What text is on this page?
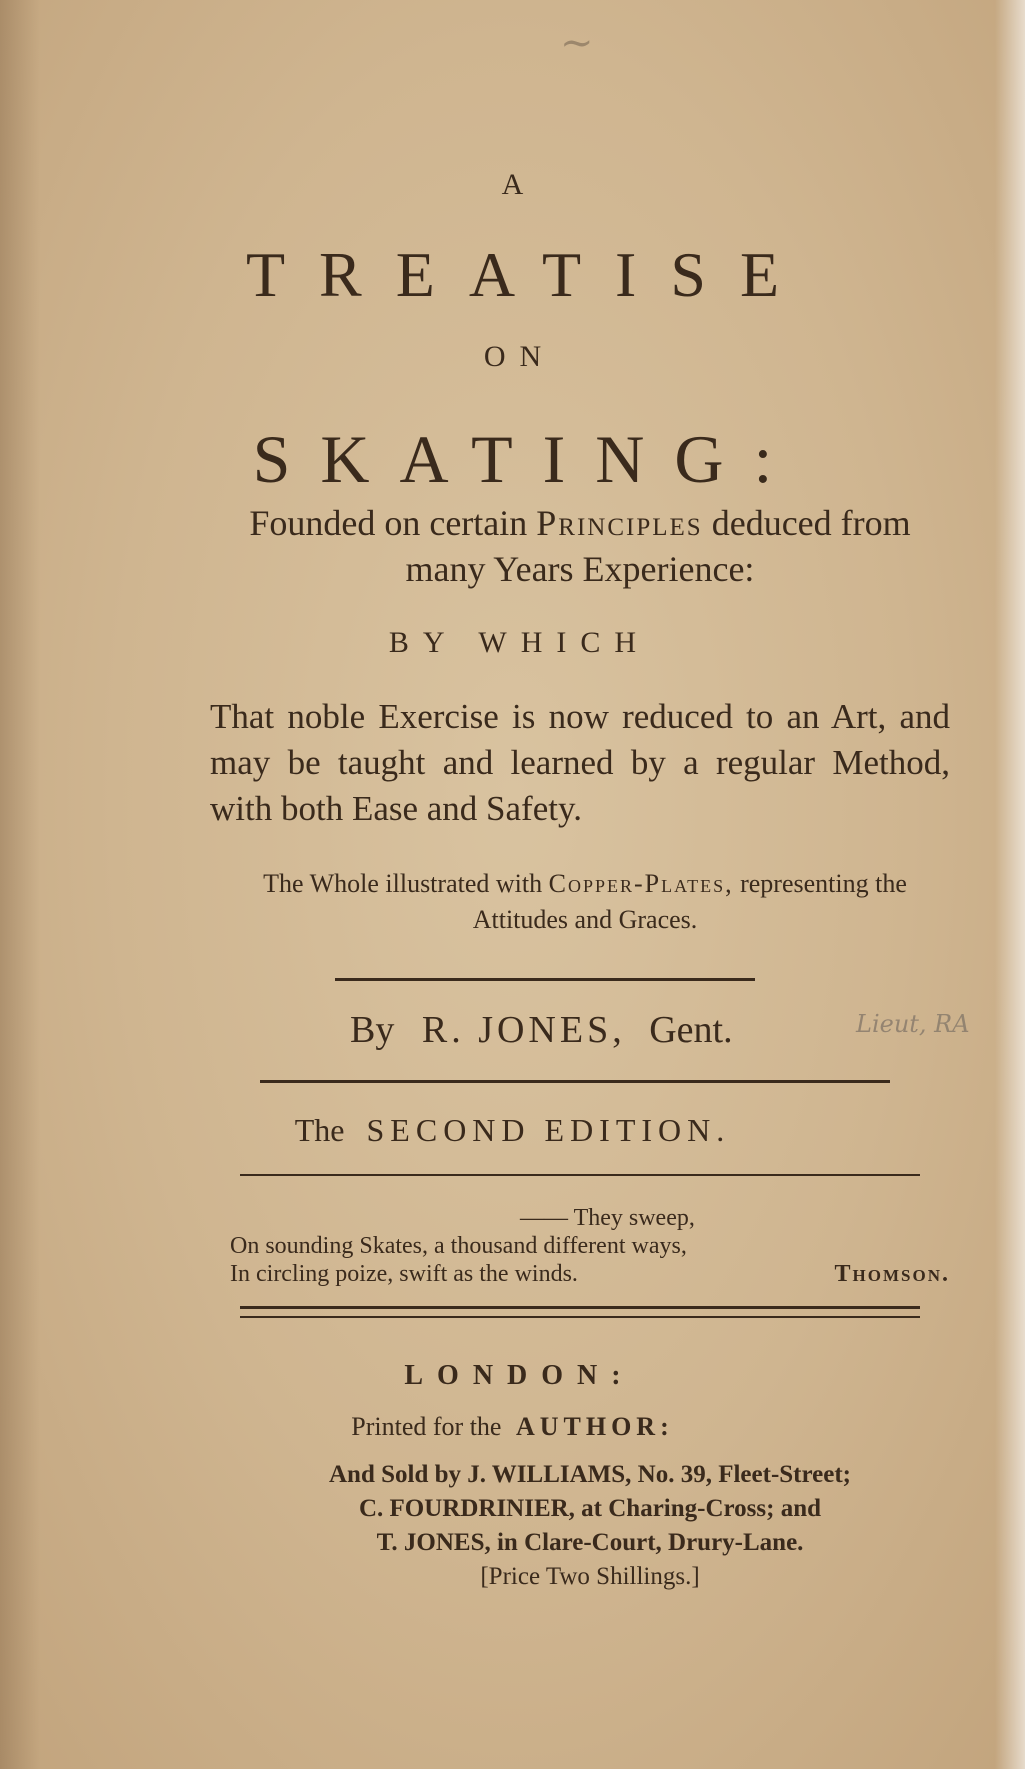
~
A
TREATISE
ON
SKATING:
Founded on certain Principles deduced from many Years Experience:
BY WHICH
That noble Exercise is now reduced to an Art, and may be taught and learned by a regular Method, with both Ease and Safety.
The Whole illustrated with Copper-Plates, representing the Attitudes and Graces.
By R. JONES, Gent.	Lieut, RA
The SECOND EDITION.
—— They sweep,
On sounding Skates, a thousand different ways,
In circling poize, swift as the winds.	Thomson.
LONDON:
Printed for the AUTHOR:
And Sold by J. WILLIAMS, No. 39, Fleet-Street;
C. FOURDRINIER, at Charing-Cross; and
T. JONES, in Clare-Court, Drury-Lane.
[Price Two Shillings.]
